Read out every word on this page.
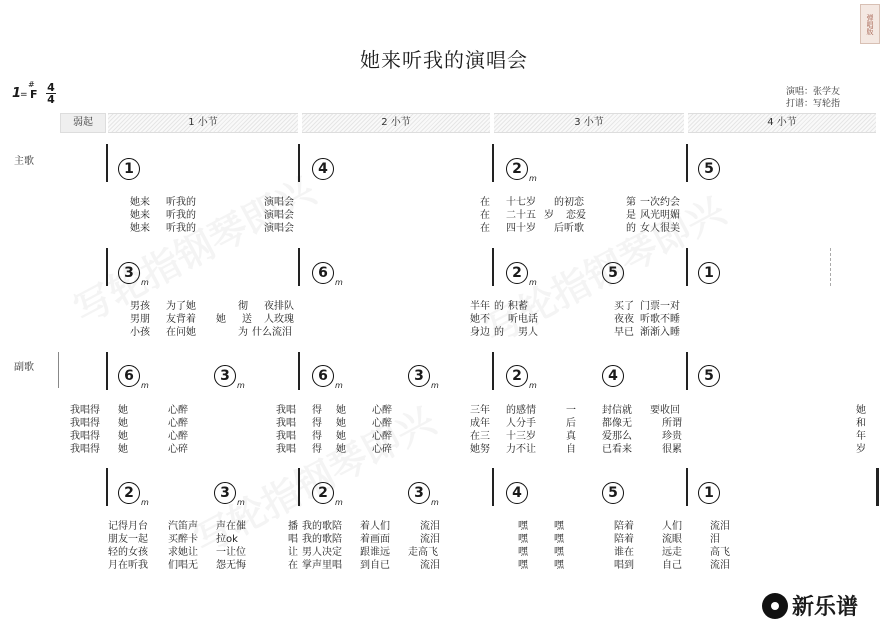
弹唱版
她来听我的演唱会
1
=
#
F
4
4
演唱：张学友
打谱：写轮指
弱起	1 小节	2 小节	3 小节	4 小节
主歌
副歌
1	4	$2_m$
5
她来 听我的	演唱会	在 十七岁 的初恋	第 一次约会
她来 听我的	演唱会	在 二十五 岁 恋爱	是 风光明媚
她来 听我的	演唱会	在 四十岁 后听歌	的 女人很美
$3_m$
$6_m$
$2_m$
5	1
男孩 为了她	彻 夜排队	半年 的 积蓄	买了 门票一对
男朋 友背着 她 送 人玫瑰	她不 听电话	夜夜 听歌不睡
小孩 在问她	为 什么流泪	身边 的 男人	早已 渐渐入睡
$6_m$
$3_m$
$6_m$
$3_m$
$2_m$
4	5
我唱得 她	心醉	我唱 得 她	心醉	三年 的感情	一	封信就 要收回	她
我唱得 她	心醉	我唱 得 她	心醉	成年 人分手	后	都像无	所谓	和
我唱得 她	心醉	我唱 得 她	心醉	在三 十三岁	真	爱那么	珍贵	年
我唱得 她	心碎	我唱 得 她	心碎	她努 力不让	自	已看来	很累	岁
$2_m$
$3_m$
$2_m$
$3_m$
4	5	1
记得月台 汽笛声 声在催	播 我的歌陪 着人们	流泪	嘿	嘿	陪着	人们	流泪
朋友一起 买醉卡 拉ok	唱 我的歌陪 着画面	流泪	嘿	嘿	陪着	流眼	泪
轻的女孩 求她让 一让位	让 男人决定 跟谁远 走高飞	嘿	嘿	谁在	远走	高飞
月在听我 们唱无 怨无悔	在 掌声里唱 到自已	流泪	嘿	嘿	唱到	自己	流泪
新乐谱
